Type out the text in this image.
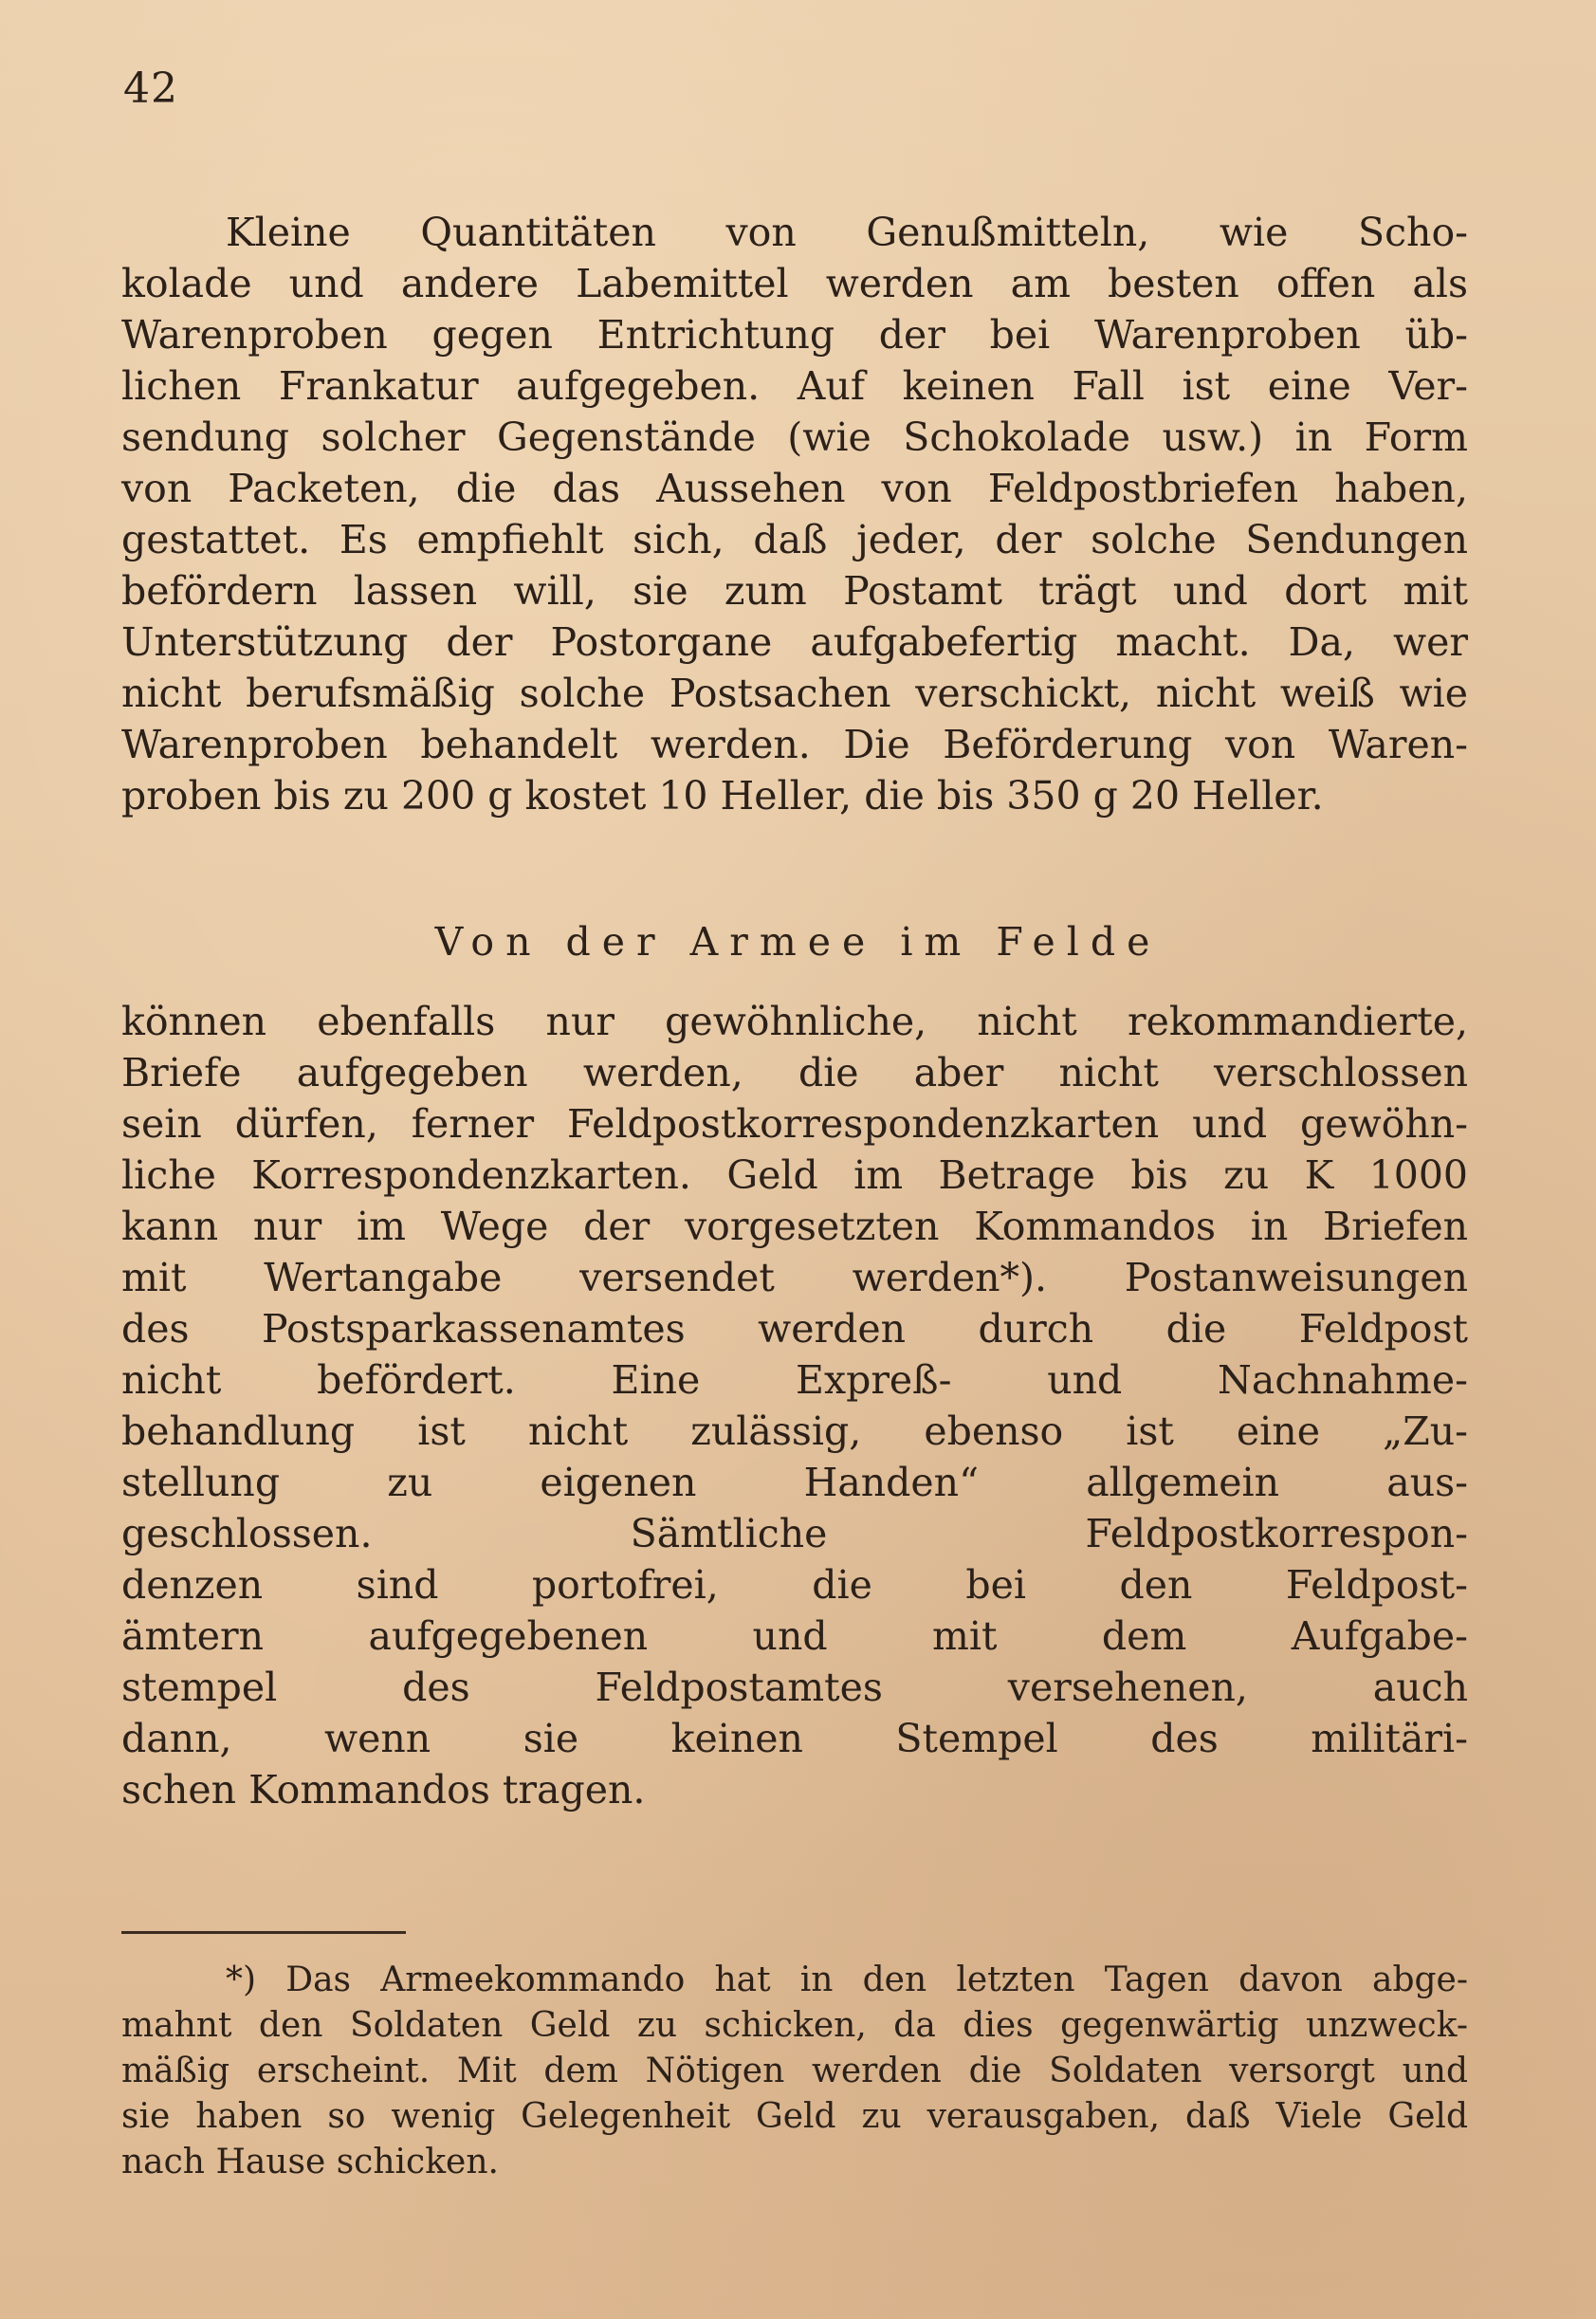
42
Kleine Quantitäten von Genußmitteln, wie Scho-
kolade und andere Labemittel werden am besten offen als
Warenproben gegen Entrichtung der bei Warenproben üb-
lichen Frankatur aufgegeben. Auf keinen Fall ist eine Ver-
sendung solcher Gegenstände (wie Schokolade usw.) in Form
von Packeten, die das Aussehen von Feldpostbriefen haben,
gestattet. Es empfiehlt sich, daß jeder, der solche Sendungen
befördern lassen will, sie zum Postamt trägt und dort mit
Unterstützung der Postorgane aufgabefertig macht. Da, wer
nicht berufsmäßig solche Postsachen verschickt, nicht weiß wie
Warenproben behandelt werden. Die Beförderung von Waren-
proben bis zu 200 g kostet 10 Heller, die bis 350 g 20 Heller.
Von der Armee im Felde
können ebenfalls nur gewöhnliche, nicht rekommandierte,
Briefe aufgegeben werden, die aber nicht verschlossen
sein dürfen, ferner Feldpostkorrespondenzkarten und gewöhn-
liche Korrespondenzkarten. Geld im Betrage bis zu K 1000
kann nur im Wege der vorgesetzten Kommandos in Briefen
mit Wertangabe versendet werden*). Postanweisungen
des Postsparkassenamtes werden durch die Feldpost
nicht befördert. Eine Expreß- und Nachnahme-
behandlung ist nicht zulässig, ebenso ist eine „Zu-
stellung zu eigenen Handen“ allgemein aus-
geschlossen. Sämtliche Feldpostkorrespon-
denzen sind portofrei, die bei den Feldpost-
ämtern aufgegebenen und mit dem Aufgabe-
stempel des Feldpostamtes versehenen, auch
dann, wenn sie keinen Stempel des militäri-
schen Kommandos tragen.
*) Das Armeekommando hat in den letzten Tagen davon abge-
mahnt den Soldaten Geld zu schicken, da dies gegenwärtig unzweck-
mäßig erscheint. Mit dem Nötigen werden die Soldaten versorgt und
sie haben so wenig Gelegenheit Geld zu verausgaben, daß Viele Geld
nach Hause schicken.
